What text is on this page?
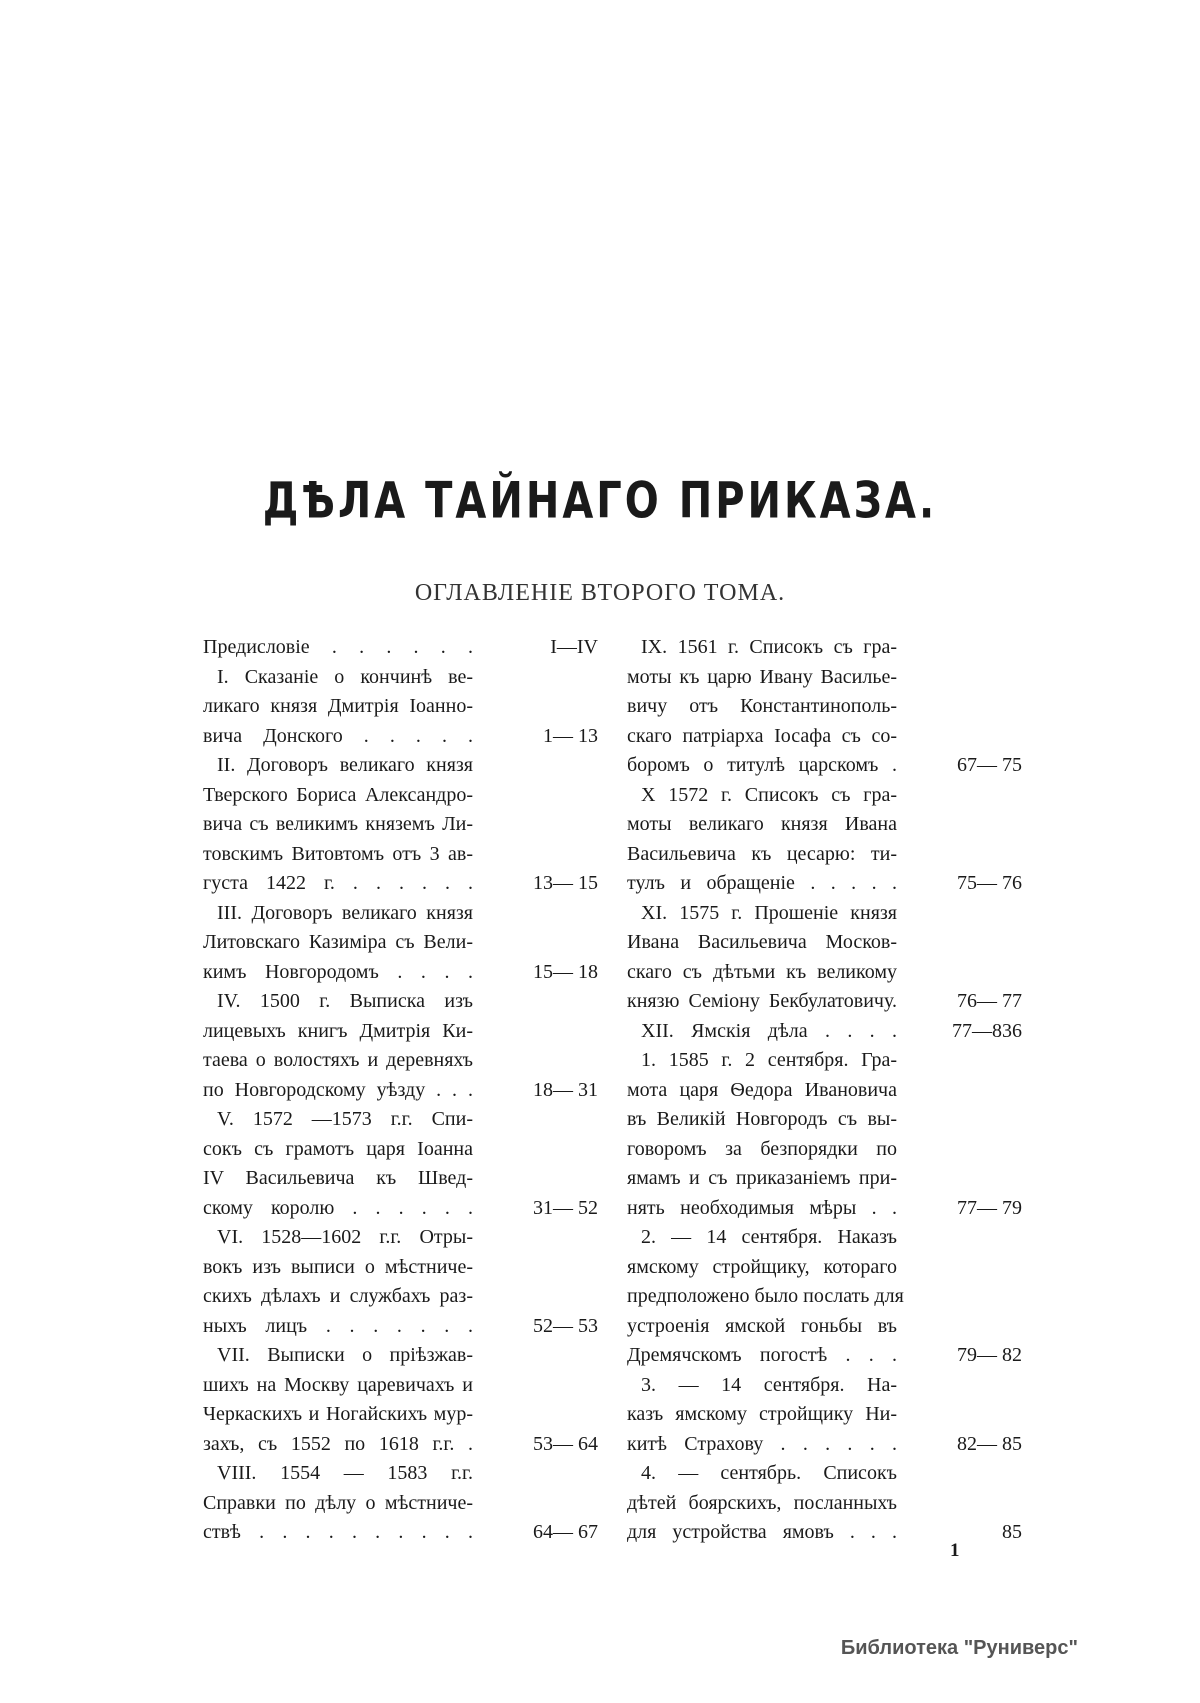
ДѢЛА ТАЙНАГО ПРИКАЗА.
ОГЛАВЛЕНІЕ ВТОРОГО ТОМА.
Предисловіе . . . . . .	I—IV
I. Сказаніе о кончинѣ ве-
ликаго князя Дмитрія Іоанно-
вича Донского . . . . .	1— 13
II. Договоръ великаго князя
Тверского Бориса Александро-
вича съ великимъ княземъ Ли-
товскимъ Витовтомъ отъ 3 ав-
густа 1422 г. . . . . . .	13— 15
III. Договоръ великаго князя
Литовскаго Казиміра съ Вели-
кимъ Новгородомъ . . . .	15— 18
IV. 1500 г. Выписка изъ
лицевыхъ книгъ Дмитрія Ки-
таева о волостяхъ и деревняхъ
по Новгородскому уѣзду . . .	18— 31
V. 1572 —1573 г.г. Спи-
сокъ съ грамотъ царя Іоанна
IV Васильевича къ Швед-
скому королю . . . . . .	31— 52
VI. 1528—1602 г.г. Отры-
вокъ изъ выписи о мѣстниче-
скихъ дѣлахъ и службахъ раз-
ныхъ лицъ . . . . . . .	52— 53
VII. Выписки о пріѣзжав-
шихъ на Москву царевичахъ и
Черкаскихъ и Ногайскихъ мур-
захъ, съ 1552 по 1618 г.г. .	53— 64
VIII. 1554 — 1583 г.г.
Справки по дѣлу о мѣстниче-
ствѣ . . . . . . . . . .	64— 67
IX. 1561 г. Списокъ съ гра-
моты къ царю Ивану Василье-
вичу отъ Константинополь-
скаго патріарха Іосафа съ со-
боромъ о титулѣ царскомъ .	67— 75
X 1572 г. Списокъ съ гра-
моты великаго князя Ивана
Васильевича къ цесарю: ти-
тулъ и обращеніе . . . . .	75— 76
XI. 1575 г. Прошеніе князя
Ивана Васильевича Москов-
скаго съ дѣтьми къ великому
князю Семіону Бекбулатовичу.	76— 77
XII. Ямскія дѣла . . . .	77—836
1. 1585 г. 2 сентября. Гра-
мота царя Ѳедора Ивановича
въ Великій Новгородъ съ вы-
говоромъ за безпорядки по
ямамъ и съ приказаніемъ при-
нять необходимыя мѣры . .	77— 79
2. — 14 сентября. Наказъ
ямскому стройщику, котораго
предположено было послать для
устроенія ямской гоньбы въ
Дремячскомъ погостѣ . . .	79— 82
3. — 14 сентября. На-
казъ ямскому стройщику Ни-
китѣ Страхову . . . . . .	82— 85
4. — сентябрь. Списокъ
дѣтей боярскихъ, посланныхъ
для устройства ямовъ . . .	85
1
Библиотека "Руниверс"
